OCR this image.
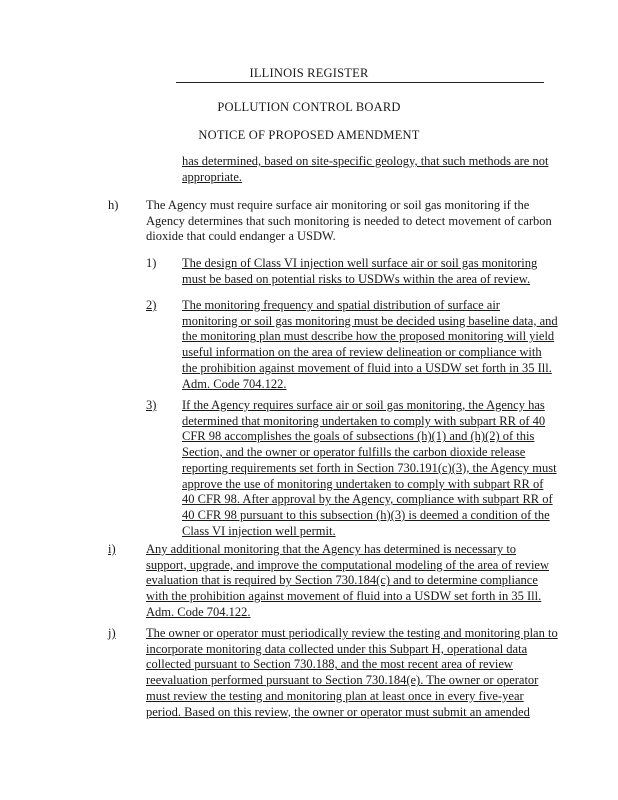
ILLINOIS REGISTER
POLLUTION CONTROL BOARD
NOTICE OF PROPOSED AMENDMENT
has determined, based on site-specific geology, that such methods are not
appropriate.
h) The Agency must require surface air monitoring or soil gas monitoring if the
Agency determines that such monitoring is needed to detect movement of carbon
dioxide that could endanger a USDW.
1) The design of Class VI injection well surface air or soil gas monitoring
must be based on potential risks to USDWs within the area of review.
2) The monitoring frequency and spatial distribution of surface air
monitoring or soil gas monitoring must be decided using baseline data, and
the monitoring plan must describe how the proposed monitoring will yield
useful information on the area of review delineation or compliance with
the prohibition against movement of fluid into a USDW set forth in 35 Ill.
Adm. Code 704.122.
3) If the Agency requires surface air or soil gas monitoring, the Agency has
determined that monitoring undertaken to comply with subpart RR of 40
CFR 98 accomplishes the goals of subsections (h)(1) and (h)(2) of this
Section, and the owner or operator fulfills the carbon dioxide release
reporting requirements set forth in Section 730.191(c)(3), the Agency must
approve the use of monitoring undertaken to comply with subpart RR of
40 CFR 98. After approval by the Agency, compliance with subpart RR of
40 CFR 98 pursuant to this subsection (h)(3) is deemed a condition of the
Class VI injection well permit.
i) Any additional monitoring that the Agency has determined is necessary to
support, upgrade, and improve the computational modeling of the area of review
evaluation that is required by Section 730.184(c) and to determine compliance
with the prohibition against movement of fluid into a USDW set forth in 35 Ill.
Adm. Code 704.122.
j) The owner or operator must periodically review the testing and monitoring plan to
incorporate monitoring data collected under this Subpart H, operational data
collected pursuant to Section 730.188, and the most recent area of review
reevaluation performed pursuant to Section 730.184(e). The owner or operator
must review the testing and monitoring plan at least once in every five-year
period. Based on this review, the owner or operator must submit an amended
